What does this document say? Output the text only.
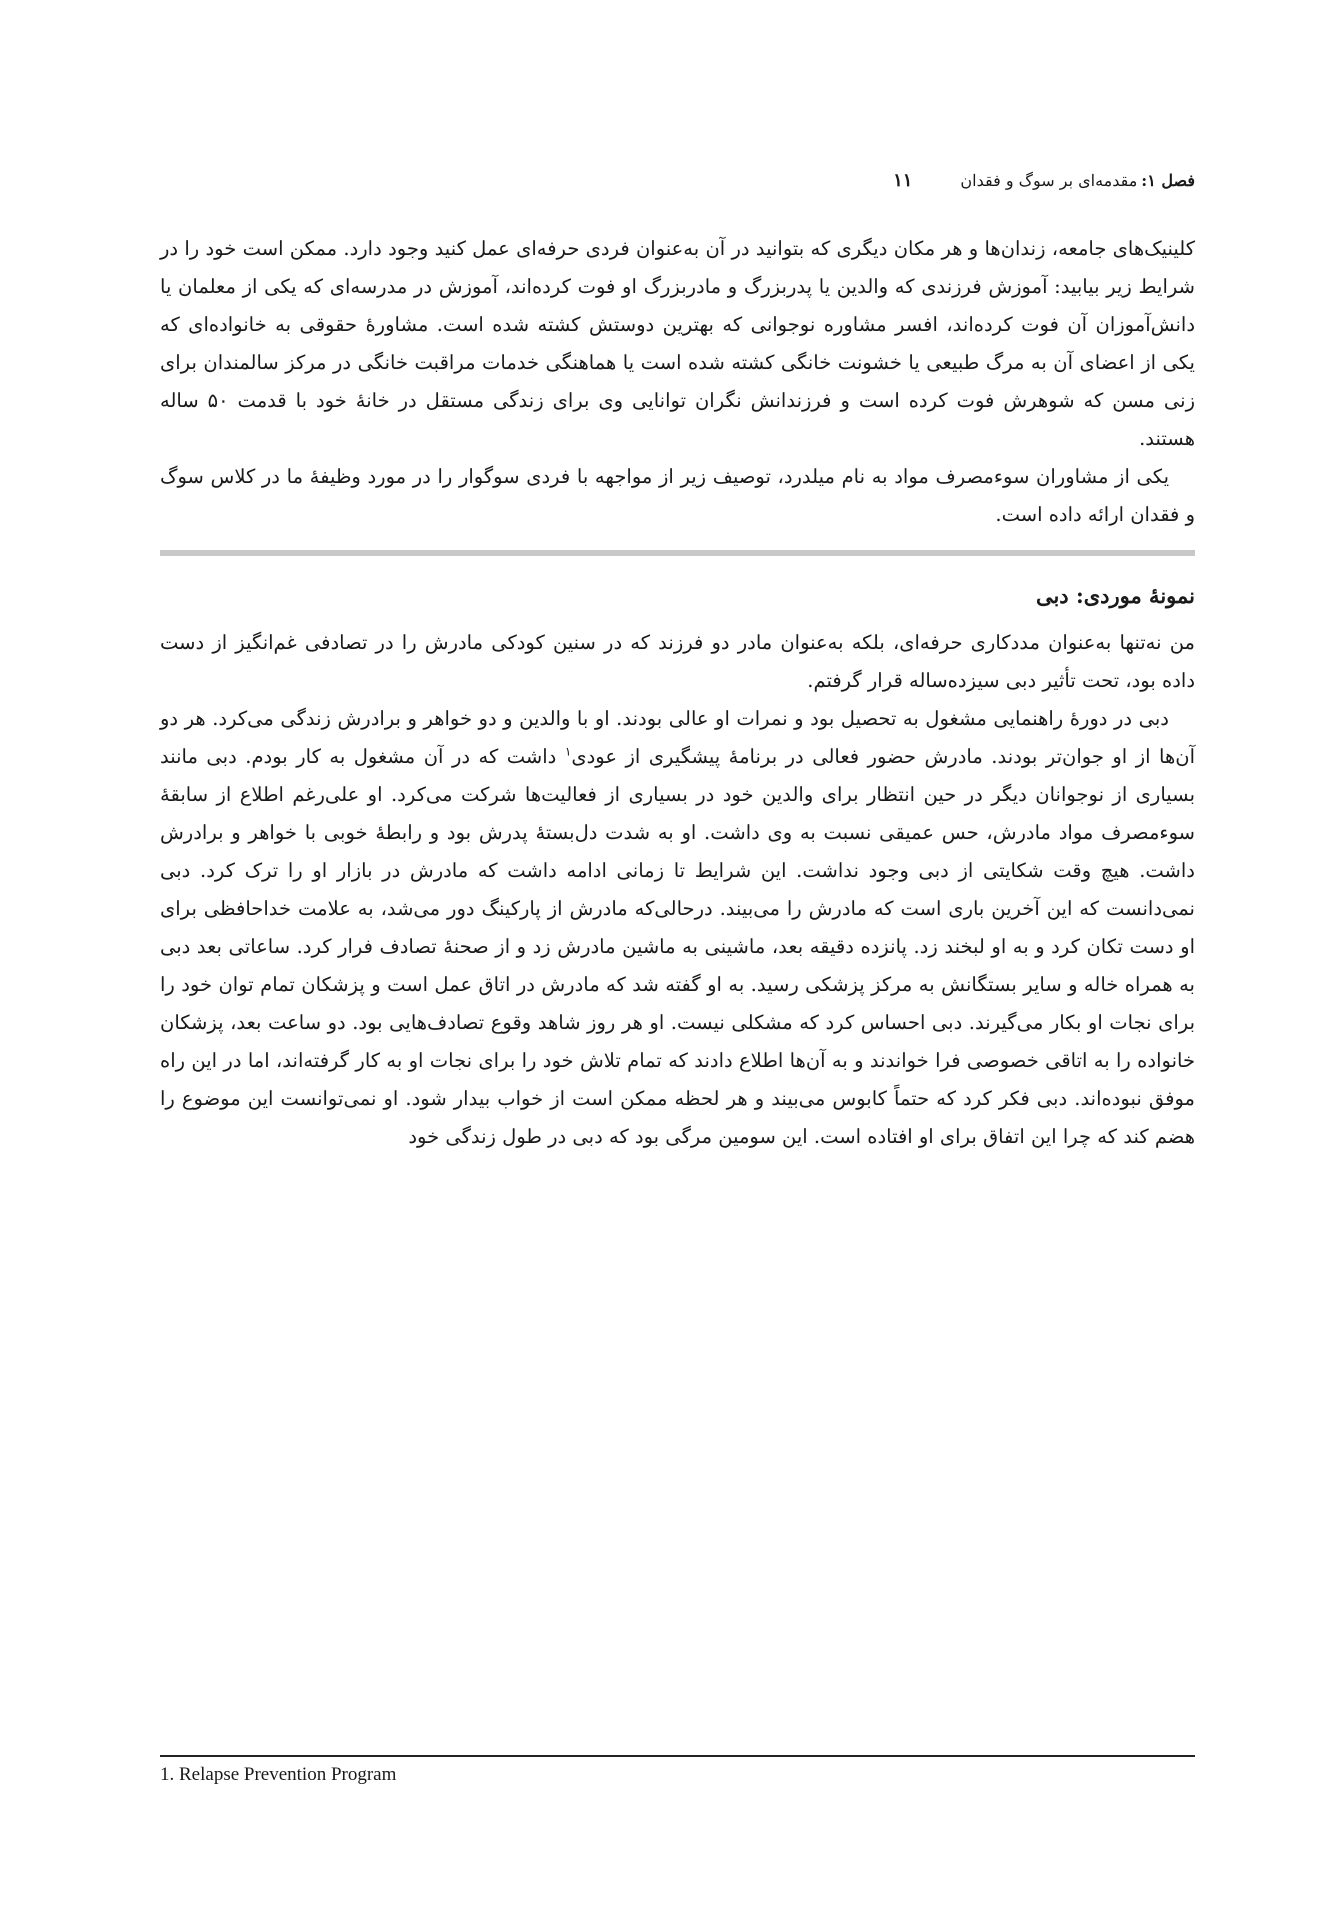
فصل ۱:
مقدمه‌ای بر سوگ و فقدان
۱۱

کلینیک‌های جامعه، زندان‌ها و هر مکان دیگری که بتوانید در آن به‌عنوان فردی حرفه‌ای عمل کنید وجود دارد. ممکن است خود را در شرایط زیر بیابید: آموزش فرزندی که والدین یا پدربزرگ و مادربزرگ او فوت کرده‌اند، آموزش در مدرسه‌ای که یکی از معلمان یا دانش‌آموزان آن فوت کرده‌اند، افسر مشاوره نوجوانی که بهترین دوستش کشته شده است. مشاورهٔ حقوقی به خانواده‌ای که یکی از اعضای آن به مرگ طبیعی یا خشونت خانگی کشته شده است یا هماهنگی خدمات مراقبت خانگی در مرکز سالمندان برای زنی مسن که شوهرش فوت کرده است و فرزندانش نگران توانایی وی برای زندگی مستقل در خانهٔ خود با قدمت ۵۰ ساله هستند.

یکی از مشاوران سوء‌مصرف مواد به نام میلدرد، توصیف زیر از مواجهه با فردی سوگوار را در مورد وظیفهٔ ما در کلاس سوگ و فقدان ارائه داده است.

نمونهٔ موردی: دبی

من نه‌تنها به‌عنوان مددکاری حرفه‌ای، بلکه به‌عنوان مادر دو فرزند که در سنین کودکی مادرش را در تصادفی غم‌انگیز از دست داده بود، تحت تأثیر دبی سیزده‌ساله قرار گرفتم.

دبی در دورهٔ راهنمایی مشغول به تحصیل بود و نمرات او عالی بودند. او با والدین و دو خواهر و برادرش زندگی می‌کرد. هر دو آن‌ها از او جوان‌تر بودند. مادرش حضور فعالی در برنامهٔ پیشگیری از عودی$^۱$ داشت که در آن مشغول به کار بودم. دبی مانند بسیاری از نوجوانان دیگر در حین انتظار برای والدین خود در بسیاری از فعالیت‌ها شرکت می‌کرد. او علی‌رغم اطلاع از سابقهٔ سوء‌مصرف مواد مادرش، حس عمیقی نسبت به وی داشت. او به شدت دل‌بستهٔ پدرش بود و رابطهٔ خوبی با خواهر و برادرش داشت. هیچ وقت شکایتی از دبی وجود نداشت. این شرایط تا زمانی ادامه داشت که مادرش در بازار او را ترک کرد. دبی نمی‌دانست که این آخرین باری است که مادرش را می‌بیند. درحالی‌که مادرش از پارکینگ دور می‌شد، به علامت خداحافظی برای او دست تکان کرد و به او لبخند زد. پانزده دقیقه بعد، ماشینی به ماشین مادرش زد و از صحنهٔ تصادف فرار کرد. ساعاتی بعد دبی به همراه خاله و سایر بستگانش به مرکز پزشکی رسید. به او گفته شد که مادرش در اتاق عمل است و پزشکان تمام توان خود را برای نجات او بکار می‌گیرند. دبی احساس کرد که مشکلی نیست. او هر روز شاهد وقوع تصادف‌هایی بود. دو ساعت بعد، پزشکان خانواده را به اتاقی خصوصی فرا خواندند و به آن‌ها اطلاع دادند که تمام تلاش خود را برای نجات او به کار گرفته‌اند، اما در این راه موفق نبوده‌اند. دبی فکر کرد که حتماً کابوس می‌بیند و هر لحظه ممکن است از خواب بیدار شود. او نمی‌توانست این موضوع را هضم کند که چرا این اتفاق برای او افتاده است. این سومین مرگی بود که دبی در طول زندگی خود

1. Relapse Prevention Program
